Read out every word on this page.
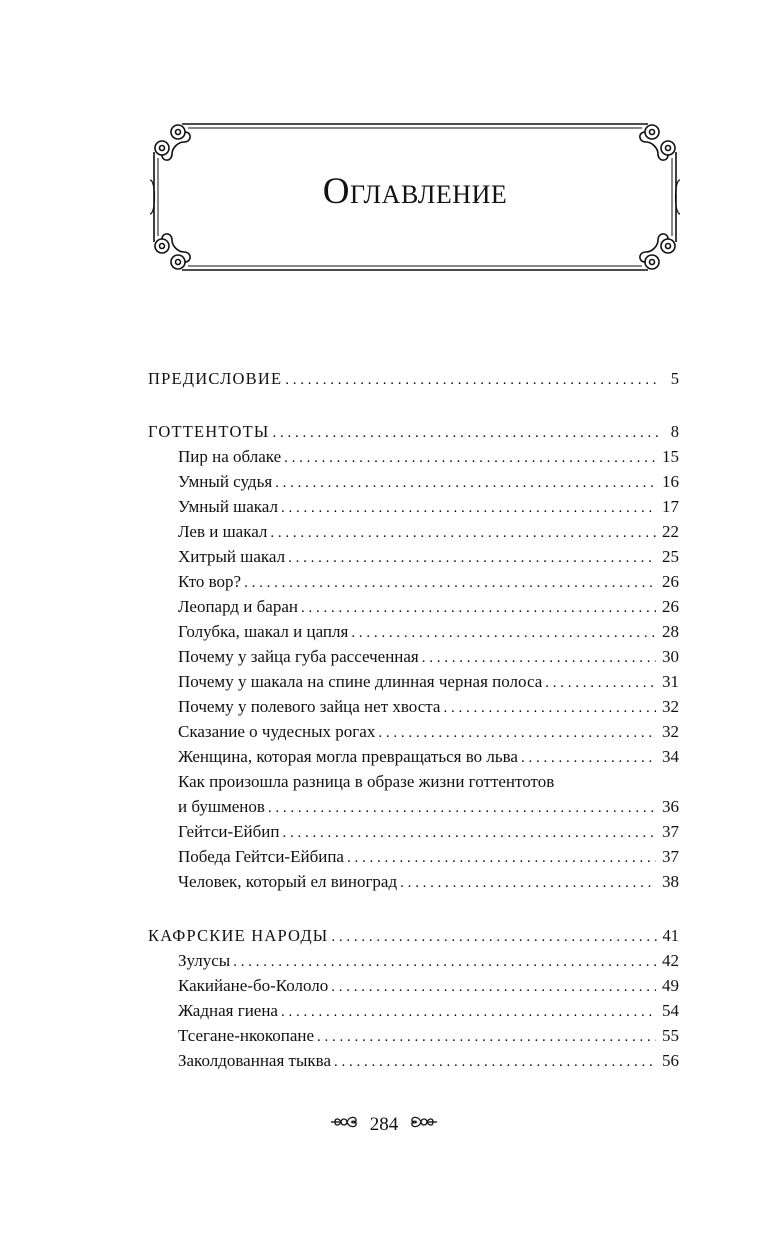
Оглавление
ПРЕДИСЛОВИЕ . . .	5
ГОТТЕНТОТЫ . . .	8
Пир на облаке . . .	15
Умный судья . . .	16
Умный шакал . . .	17
Лев и шакал . . .	22
Хитрый шакал . . .	25
Кто вор? . . .	26
Леопард и баран . . .	26
Голубка, шакал и цапля . . .	28
Почему у зайца губа рассеченная . . .	30
Почему у шакала на спине длинная черная полоса . . .	31
Почему у полевого зайца нет хвоста . . .	32
Сказание о чудесных рогах . . .	32
Женщина, которая могла превращаться во льва . . .	34
Как произошла разница в образе жизни готтентотов
и бушменов . . .	36
Гейтси-Ейбип . . .	37
Победа Гейтси-Ейбипа . . .	37
Человек, который ел виноград . . .	38
КАФРСКИЕ НАРОДЫ . . .	41
Зулусы . . .	42
Какийане-бо-Кололо . . .	49
Жадная гиена . . .	54
Тсегане-нкокопане . . .	55
Заколдованная тыква . . .	56
284
